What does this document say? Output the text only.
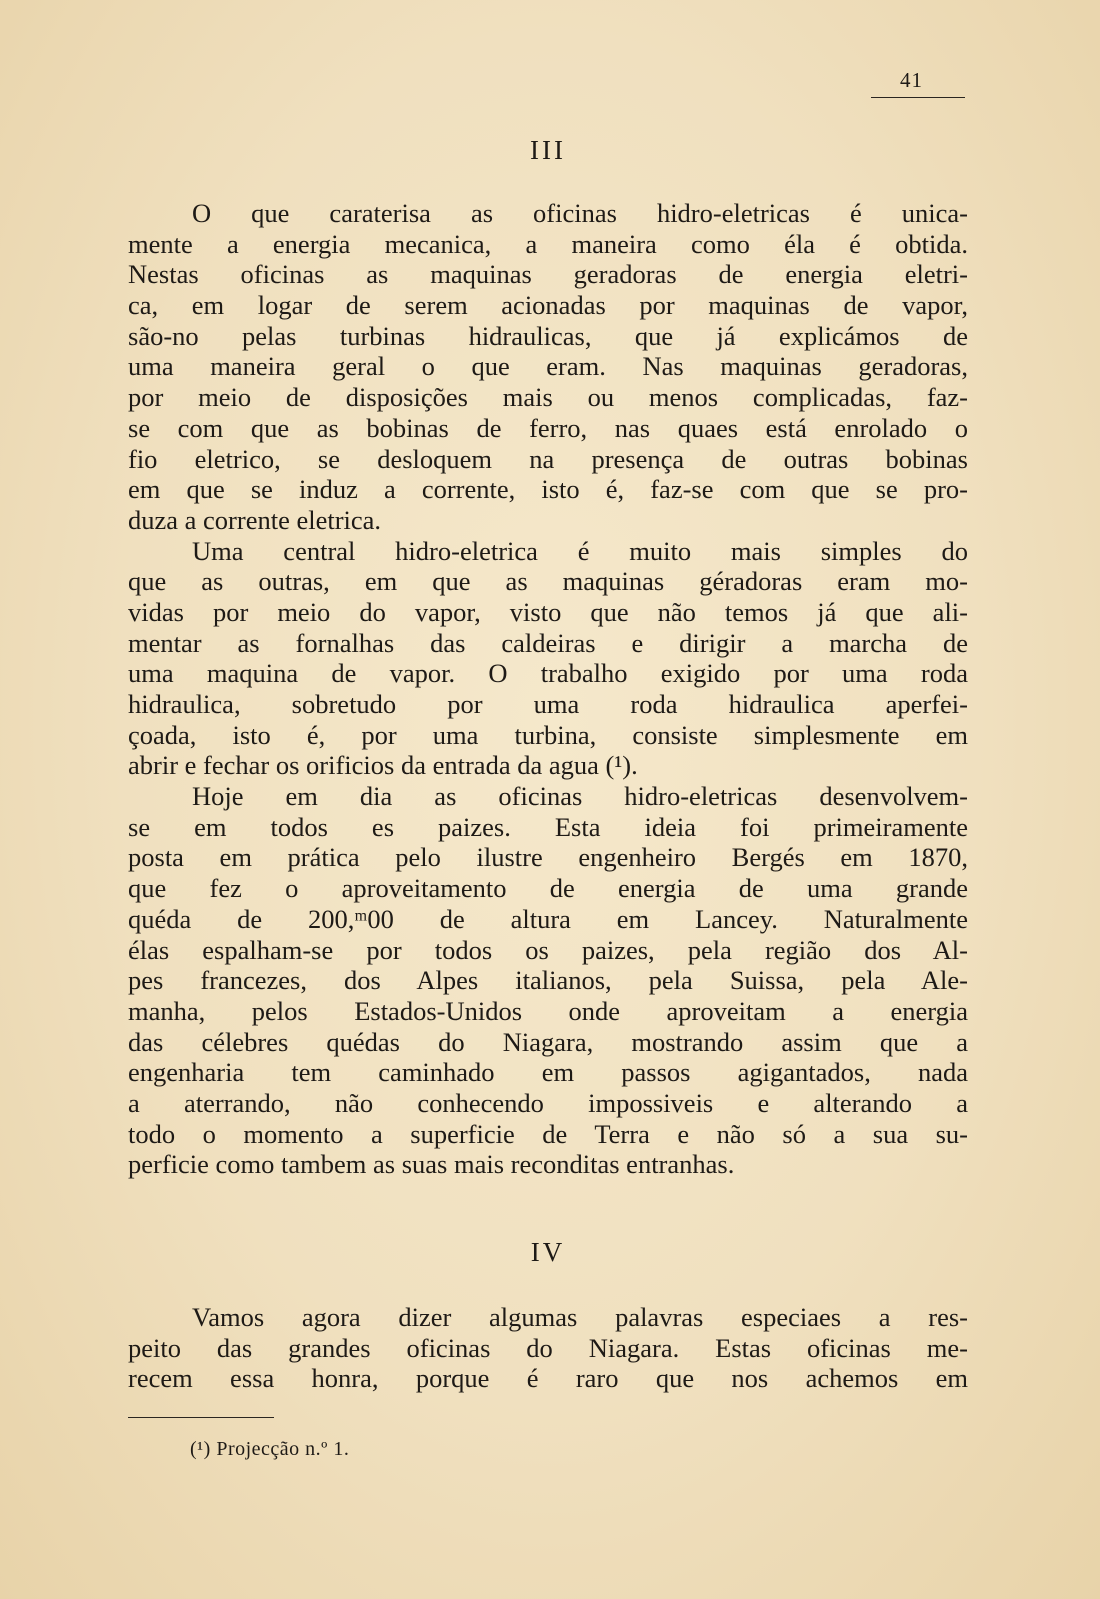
41
III
O que caraterisa as oficinas hidro-eletricas é unica-
mente a energia mecanica, a maneira como éla é obtida.
Nestas oficinas as maquinas geradoras de energia eletri-
ca, em logar de serem acionadas por maquinas de vapor,
são-no pelas turbinas hidraulicas, que já explicámos de
uma maneira geral o que eram. Nas maquinas geradoras,
por meio de disposições mais ou menos complicadas, faz-
se com que as bobinas de ferro, nas quaes está enrolado o
fio eletrico, se desloquem na presença de outras bobinas
em que se induz a corrente, isto é, faz-se com que se pro-
duza a corrente eletrica.
Uma central hidro-eletrica é muito mais simples do
que as outras, em que as maquinas géradoras eram mo-
vidas por meio do vapor, visto que não temos já que ali-
mentar as fornalhas das caldeiras e dirigir a marcha de
uma maquina de vapor. O trabalho exigido por uma roda
hidraulica, sobretudo por uma roda hidraulica aperfei-
çoada, isto é, por uma turbina, consiste simplesmente em
abrir e fechar os orificios da entrada da agua (¹).
Hoje em dia as oficinas hidro-eletricas desenvolvem-
se em todos es paizes. Esta ideia foi primeiramente
posta em prática pelo ilustre engenheiro Bergés em 1870,
que fez o aproveitamento de energia de uma grande
quéda de 200,ᵐ00 de altura em Lancey. Naturalmente
élas espalham-se por todos os paizes, pela região dos Al-
pes francezes, dos Alpes italianos, pela Suissa, pela Ale-
manha, pelos Estados-Unidos onde aproveitam a energia
das célebres quédas do Niagara, mostrando assim que a
engenharia tem caminhado em passos agigantados, nada
a aterrando, não conhecendo impossiveis e alterando a
todo o momento a superficie de Terra e não só a sua su-
perficie como tambem as suas mais reconditas entranhas.
IV
Vamos agora dizer algumas palavras especiaes a res-
peito das grandes oficinas do Niagara. Estas oficinas me-
recem essa honra, porque é raro que nos achemos em
(¹) Projecção n.º 1.
